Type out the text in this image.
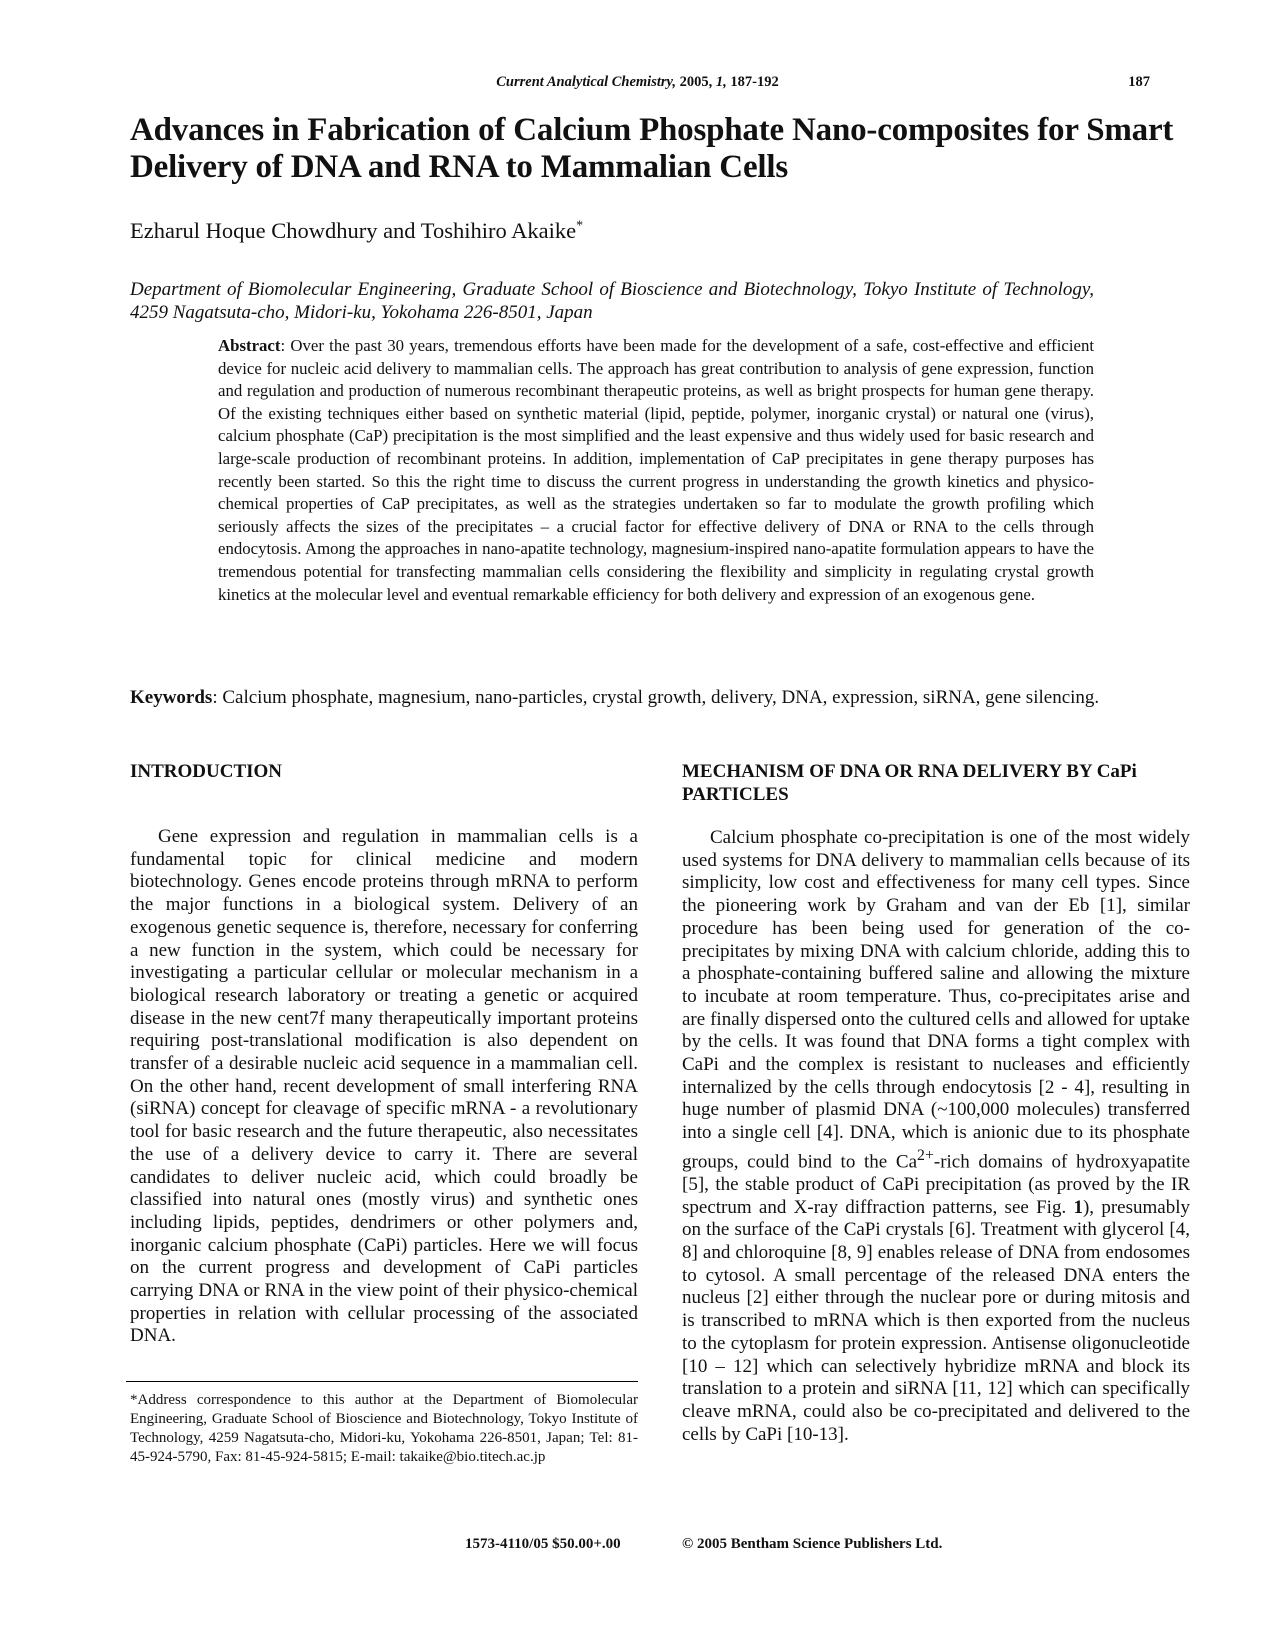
Current Analytical Chemistry, 2005, 1, 187-192	187
Advances in Fabrication of Calcium Phosphate Nano-composites for Smart Delivery of DNA and RNA to Mammalian Cells

Ezharul Hoque Chowdhury and Toshihiro Akaike*

Department of Biomolecular Engineering, Graduate School of Bioscience and Biotechnology, Tokyo Institute of Technology, 4259 Nagatsuta-cho, Midori-ku, Yokohama 226-8501, Japan

Abstract: Over the past 30 years, tremendous efforts have been made for the development of a safe, cost-effective and efficient device for nucleic acid delivery to mammalian cells. The approach has great contribution to analysis of gene expression, function and regulation and production of numerous recombinant therapeutic proteins, as well as bright prospects for human gene therapy. Of the existing techniques either based on synthetic material (lipid, peptide, polymer, inorganic crystal) or natural one (virus), calcium phosphate (CaP) precipitation is the most simplified and the least expensive and thus widely used for basic research and large-scale production of recombinant proteins. In addition, implementation of CaP precipitates in gene therapy purposes has recently been started. So this the right time to discuss the current progress in understanding the growth kinetics and physico-chemical properties of CaP precipitates, as well as the strategies undertaken so far to modulate the growth profiling which seriously affects the sizes of the precipitates – a crucial factor for effective delivery of DNA or RNA to the cells through endocytosis. Among the approaches in nano-apatite technology, magnesium-inspired nano-apatite formulation appears to have the tremendous potential for transfecting mammalian cells considering the flexibility and simplicity in regulating crystal growth kinetics at the molecular level and eventual remarkable efficiency for both delivery and expression of an exogenous gene.

Keywords: Calcium phosphate, magnesium, nano-particles, crystal growth, delivery, DNA, expression, siRNA, gene silencing.

INTRODUCTION

Gene expression and regulation in mammalian cells is a fundamental topic for clinical medicine and modern biotechnology. Genes encode proteins through mRNA to perform the major functions in a biological system. Delivery of an exogenous genetic sequence is, therefore, necessary for conferring a new function in the system, which could be necessary for investigating a particular cellular or molecular mechanism in a biological research laboratory or treating a genetic or acquired disease in the new cent7f many therapeutically important proteins requiring post-translational modification is also dependent on transfer of a desirable nucleic acid sequence in a mammalian cell. On the other hand, recent development of small interfering RNA (siRNA) concept for cleavage of specific mRNA - a revolutionary tool for basic research and the future therapeutic, also necessitates the use of a delivery device to carry it. There are several candidates to deliver nucleic acid, which could broadly be classified into natural ones (mostly virus) and synthetic ones including lipids, peptides, dendrimers or other polymers and, inorganic calcium phosphate (CaPi) particles. Here we will focus on the current progress and development of CaPi particles carrying DNA or RNA in the view point of their physico-chemical properties in relation with cellular processing of the associated DNA.

MECHANISM OF DNA OR RNA DELIVERY BY CaPi PARTICLES

Calcium phosphate co-precipitation is one of the most widely used systems for DNA delivery to mammalian cells because of its simplicity, low cost and effectiveness for many cell types. Since the pioneering work by Graham and van der Eb [1], similar procedure has been being used for generation of the co-precipitates by mixing DNA with calcium chloride, adding this to a phosphate-containing buffered saline and allowing the mixture to incubate at room temperature. Thus, co-precipitates arise and are finally dispersed onto the cultured cells and allowed for uptake by the cells. It was found that DNA forms a tight complex with CaPi and the complex is resistant to nucleases and efficiently internalized by the cells through endocytosis [2 - 4], resulting in huge number of plasmid DNA (~100,000 molecules) transferred into a single cell [4]. DNA, which is anionic due to its phosphate groups, could bind to the $Ca^{2+}$-rich domains of hydroxyapatite [5], the stable product of CaPi precipitation (as proved by the IR spectrum and X-ray diffraction patterns, see Fig. 1), presumably on the surface of the CaPi crystals [6]. Treatment with glycerol [4, 8] and chloroquine [8, 9] enables release of DNA from endosomes to cytosol. A small percentage of the released DNA enters the nucleus [2] either through the nuclear pore or during mitosis and is transcribed to mRNA which is then exported from the nucleus to the cytoplasm for protein expression. Antisense oligonucleotide [10 – 12] which can selectively hybridize mRNA and block its translation to a protein and siRNA [11, 12] which can specifically cleave mRNA, could also be co-precipitated and delivered to the cells by CaPi [10-13].

*Address correspondence to this author at the Department of Biomolecular Engineering, Graduate School of Bioscience and Biotechnology, Tokyo Institute of Technology, 4259 Nagatsuta-cho, Midori-ku, Yokohama 226-8501, Japan; Tel: 81-45-924-5790, Fax: 81-45-924-5815; E-mail: takaike@bio.titech.ac.jp

1573-4110/05 $50.00+.00	© 2005 Bentham Science Publishers Ltd.
